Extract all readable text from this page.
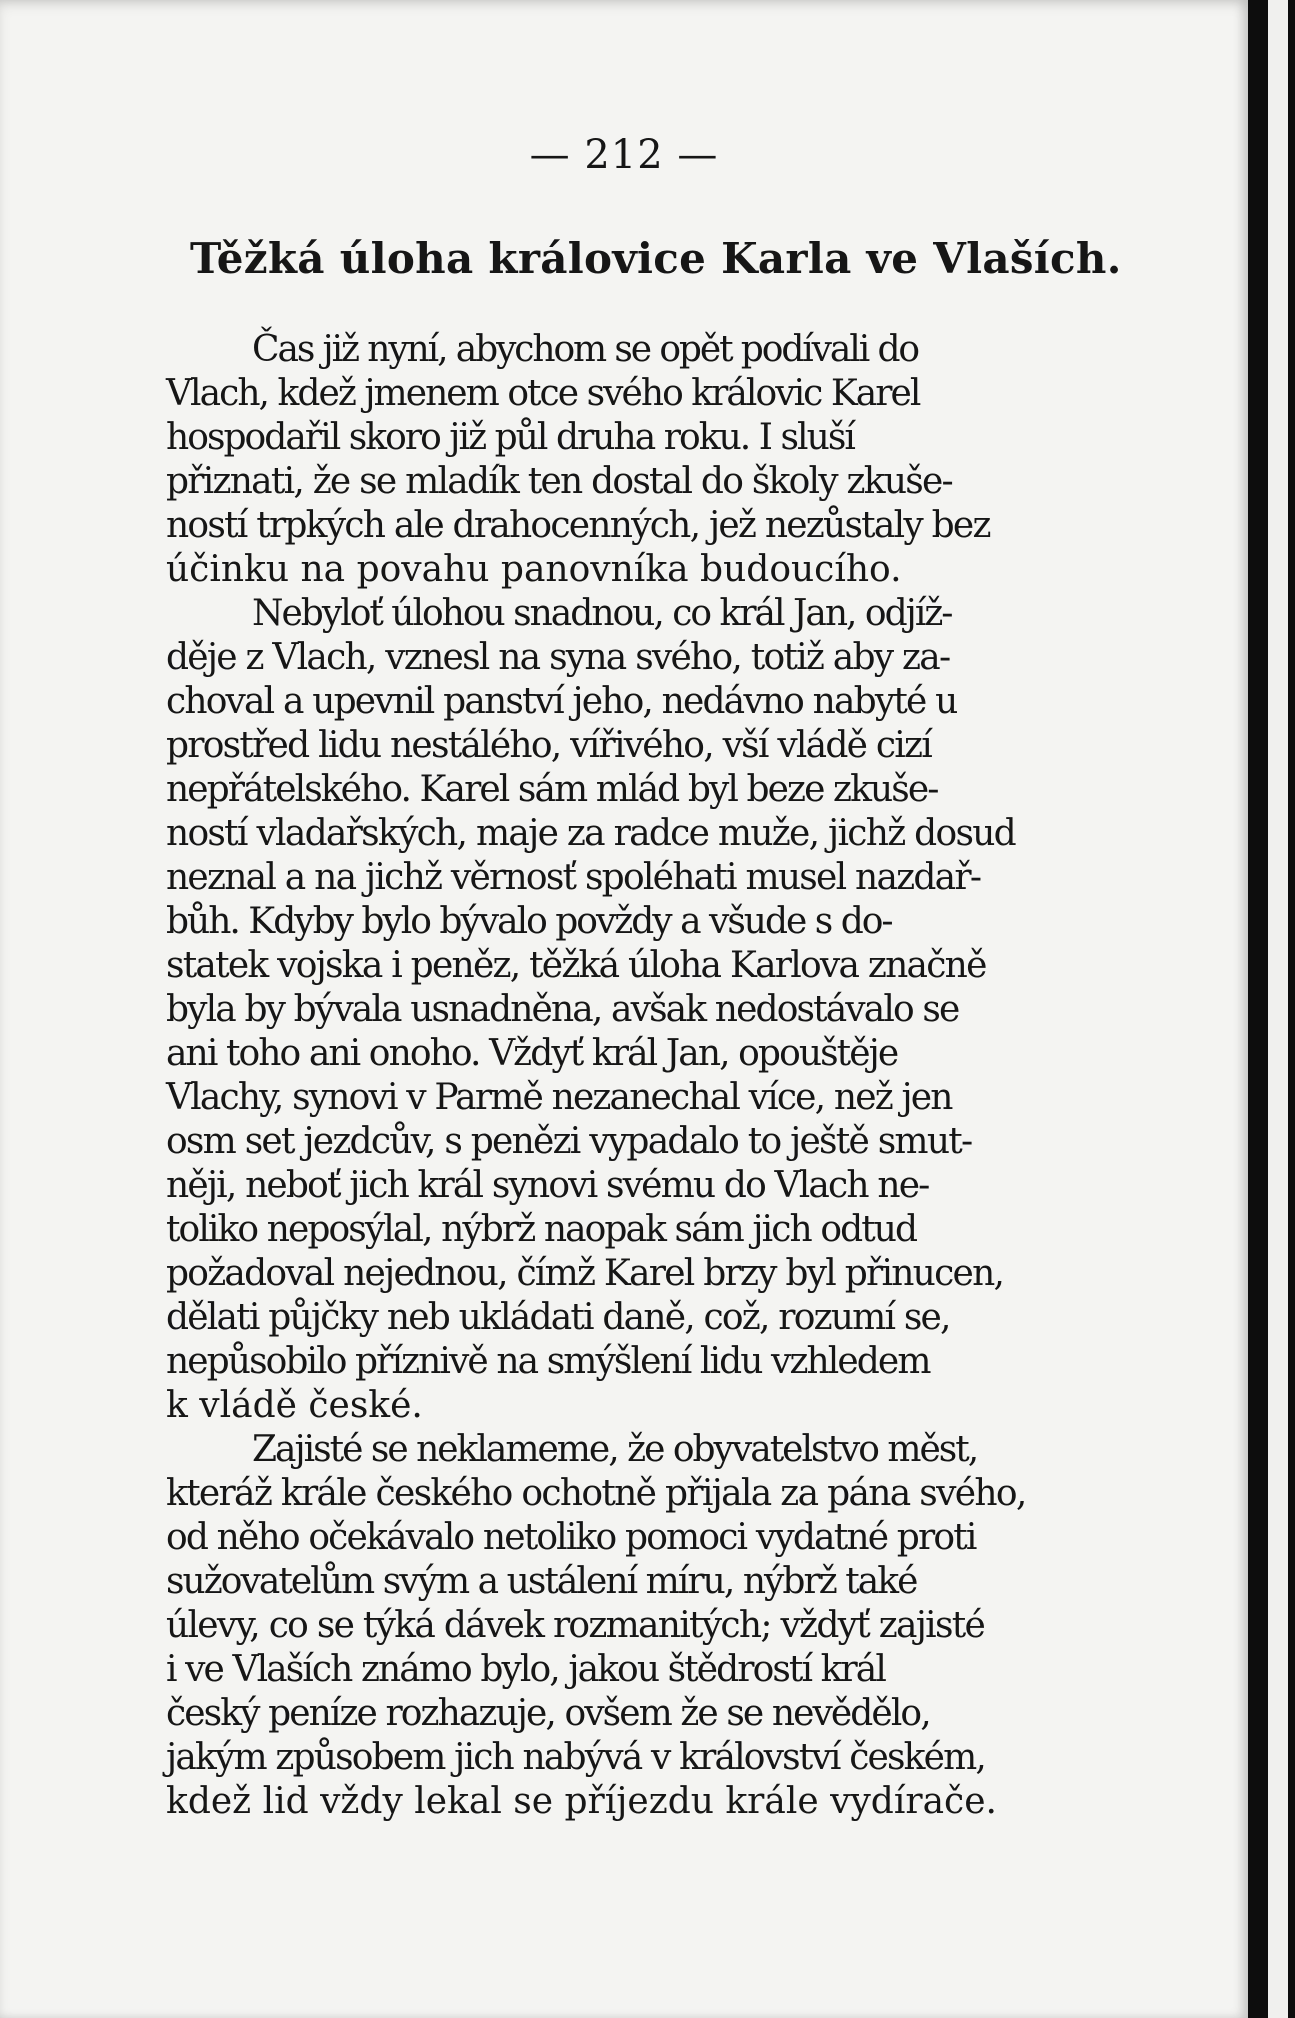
— 212 —
Těžká úloha královice Karla ve Vlaších.

Čas již nyní, abychom se opět podívali do
Vlach, kdež jmenem otce svého královic Karel
hospodařil skoro již půl druha roku. I sluší
přiznati, že se mladík ten dostal do školy zkuše-
ností trpkých ale drahocenných, jež nezůstaly bez
účinku na povahu panovníka budoucího.

Nebyloť úlohou snadnou, co král Jan, odjíž-
děje z Vlach, vznesl na syna svého, totiž aby za-
choval a upevnil panství jeho, nedávno nabyté u
prostřed lidu nestálého, vířivého, vší vládě cizí
nepřátelského. Karel sám mlád byl beze zkuše-
ností vladařských, maje za radce muže, jichž dosud
neznal a na jichž věrnosť spoléhati musel nazdař-
bůh. Kdyby bylo bývalo povždy a všude s do-
statek vojska i peněz, těžká úloha Karlova značně
byla by bývala usnadněna, avšak nedostávalo se
ani toho ani onoho. Vždyť král Jan, opouštěje
Vlachy, synovi v Parmě nezanechal více, než jen
osm set jezdcův, s penězi vypadalo to ještě smut-
něji, neboť jich král synovi svému do Vlach ne-
toliko neposýlal, nýbrž naopak sám jich odtud
požadoval nejednou, čímž Karel brzy byl přinucen,
dělati půjčky neb ukládati daně, což, rozumí se,
nepůsobilo příznivě na smýšlení lidu vzhledem
k vládě české.

Zajisté se neklameme, že obyvatelstvo měst,
kteráž krále českého ochotně přijala za pána svého,
od něho očekávalo netoliko pomoci vydatné proti
sužovatelům svým a ustálení míru, nýbrž také
úlevy, co se týká dávek rozmanitých; vždyť zajisté
i ve Vlaších známo bylo, jakou štědrostí král
český peníze rozhazuje, ovšem že se nevědělo,
jakým způsobem jich nabývá v království českém,
kdež lid vždy lekal se příjezdu krále vydírače.
